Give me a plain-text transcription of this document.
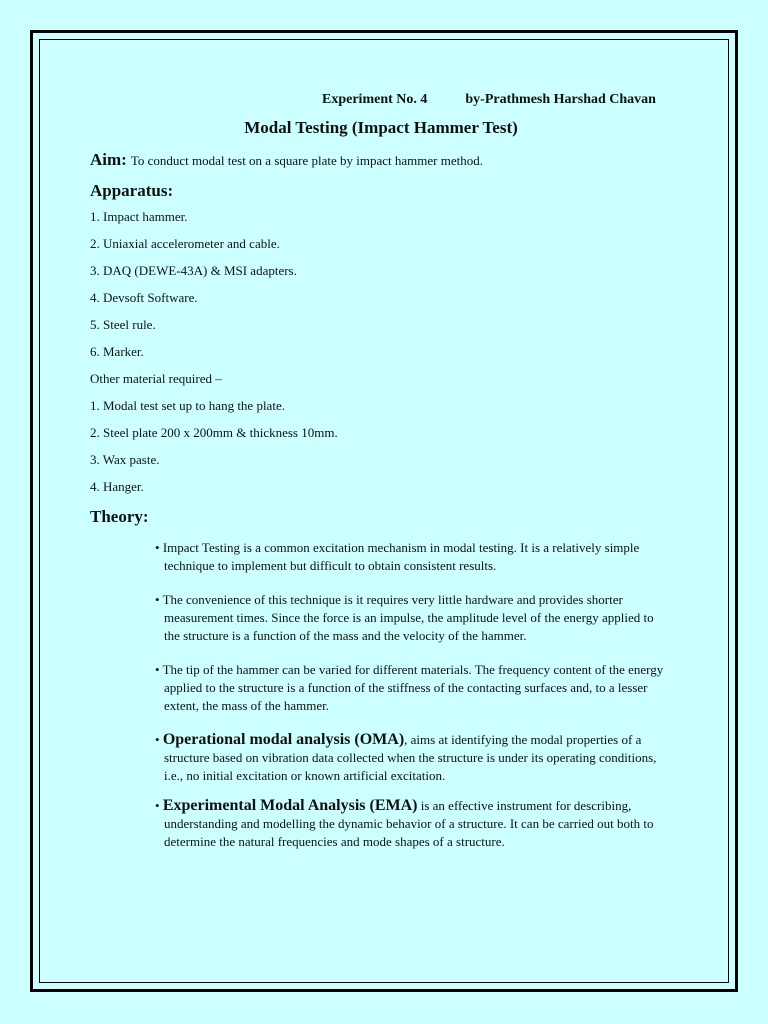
Experiment No. 4	by-Prathmesh Harshad Chavan
Modal Testing (Impact Hammer Test)
Aim: To conduct modal test on a square plate by impact hammer method.
Apparatus:
1. Impact hammer.
2. Uniaxial accelerometer and cable.
3. DAQ (DEWE-43A) & MSI adapters.
4. Devsoft Software.
5. Steel rule.
6. Marker.
Other material required –
1. Modal test set up to hang the plate.
2. Steel plate 200 x 200mm & thickness 10mm.
3. Wax paste.
4. Hanger.
Theory:
• Impact Testing is a common excitation mechanism in modal testing. It is a relatively simple technique to implement but difficult to obtain consistent results.
• The convenience of this technique is it requires very little hardware and provides shorter measurement times. Since the force is an impulse, the amplitude level of the energy applied to the structure is a function of the mass and the velocity of the hammer.
• The tip of the hammer can be varied for different materials. The frequency content of the energy applied to the structure is a function of the stiffness of the contacting surfaces and, to a lesser extent, the mass of the hammer.
• Operational modal analysis (OMA), aims at identifying the modal properties of a structure based on vibration data collected when the structure is under its operating conditions, i.e., no initial excitation or known artificial excitation.
• Experimental Modal Analysis (EMA) is an effective instrument for describing, understanding and modelling the dynamic behavior of a structure. It can be carried out both to determine the natural frequencies and mode shapes of a structure.
